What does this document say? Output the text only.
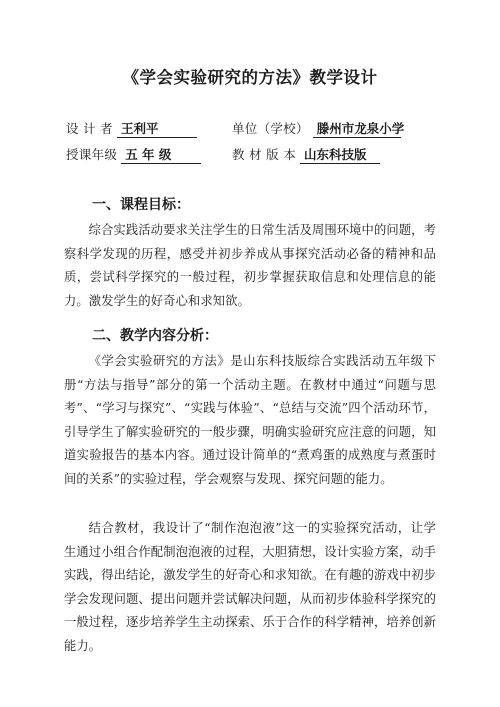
《学会实验研究的方法》教学设计
设 计 者 王利平	单位（学校） 滕州市龙泉小学
授课年级 五 年 级	教 材 版 本 山东科技版
一、课程目标：

综合实践活动要求关注学生的日常生活及周围环境中的问题，考察科学发现的历程，感受并初步养成从事探究活动必备的精神和品质，尝试科学探究的一般过程，初步掌握获取信息和处理信息的能力。激发学生的好奇心和求知欲。

二、教学内容分析：

《学会实验研究的方法》是山东科技版综合实践活动五年级下册“方法与指导”部分的第一个活动主题。在教材中通过“问题与思考”、“学习与探究”、“实践与体验”、“总结与交流”四个活动环节，引导学生了解实验研究的一般步骤，明确实验研究应注意的问题，知道实验报告的基本内容。通过设计简单的“煮鸡蛋的成熟度与煮蛋时间的关系”的实验过程，学会观察与发现、探究问题的能力。

结合教材，我设计了“制作泡泡液”这一的实验探究活动，让学生通过小组合作配制泡泡液的过程，大胆猜想，设计实验方案，动手实践，得出结论，激发学生的好奇心和求知欲。在有趣的游戏中初步学会发现问题、提出问题并尝试解决问题，从而初步体验科学探究的一般过程，逐步培养学生主动探索、乐于合作的科学精神，培养创新能力。
